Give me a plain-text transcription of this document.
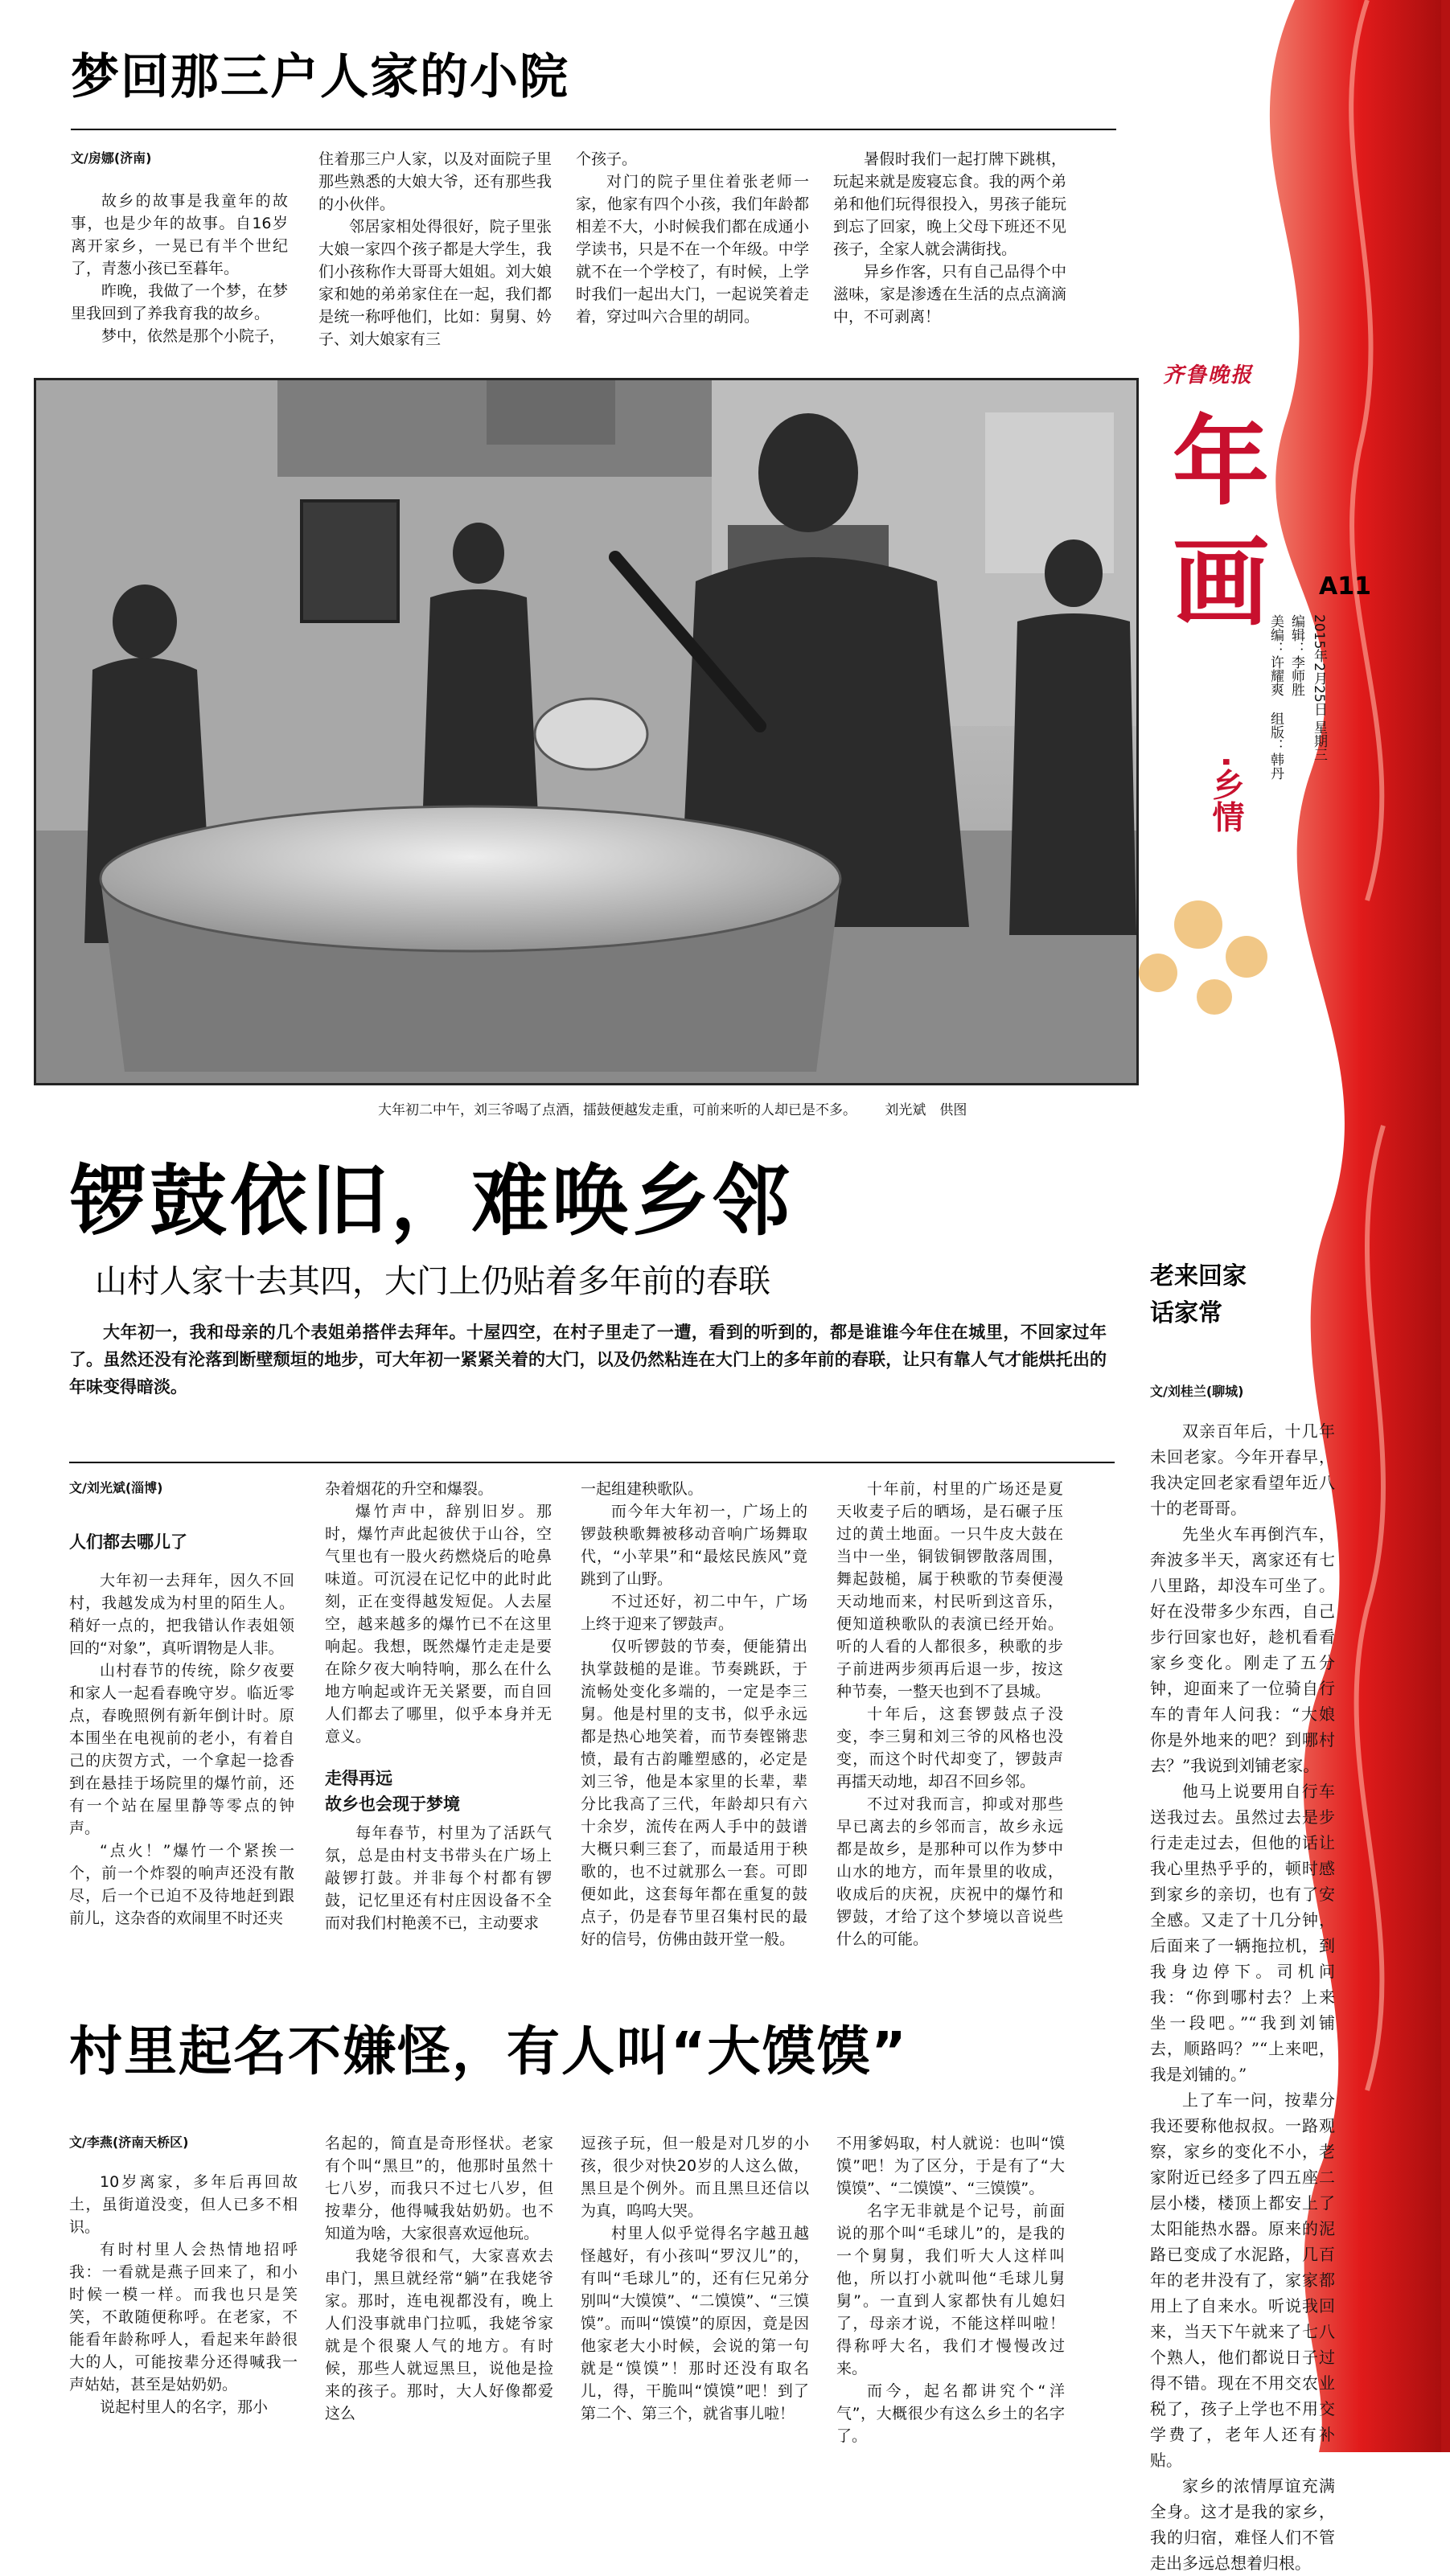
梦回那三户人家的小院
文/房娜(济南)

故乡的故事是我童年的故事，也是少年的故事。自16岁离开家乡，一晃已有半个世纪了，青葱小孩已至暮年。

昨晚，我做了一个梦，在梦里我回到了养我育我的故乡。

梦中，依然是那个小院子，

住着那三户人家，以及对面院子里那些熟悉的大娘大爷，还有那些我的小伙伴。

邻居家相处得很好，院子里张大娘一家四个孩子都是大学生，我们小孩称作大哥哥大姐姐。刘大娘家和她的弟弟家住在一起，我们都是统一称呼他们，比如：舅舅、妗子、刘大娘家有三

个孩子。

对门的院子里住着张老师一家，他家有四个小孩，我们年龄都相差不大，小时候我们都在成通小学读书，只是不在一个年级。中学就不在一个学校了，有时候，上学时我们一起出大门，一起说笑着走着，穿过叫六合里的胡同。

暑假时我们一起打牌下跳棋，玩起来就是废寝忘食。我的两个弟弟和他们玩得很投入，男孩子能玩到忘了回家，晚上父母下班还不见孩子，全家人就会满街找。

异乡作客，只有自己品得个中滋味，家是渗透在生活的点点滴滴中，不可剥离！

大年初二中午，刘三爷喝了点酒，擂鼓便越发走重，可前来听的人却已是不多。 刘光斌　供图
锣鼓依旧，难唤乡邻
山村人家十去其四，大门上仍贴着多年前的春联

大年初一，我和母亲的几个表姐弟搭伴去拜年。十屋四空，在村子里走了一遭，看到的听到的，都是谁谁今年住在城里，不回家过年了。虽然还没有沦落到断壁颓垣的地步，可大年初一紧紧关着的大门，以及仍然粘连在大门上的多年前的春联，让只有靠人气才能烘托出的年味变得暗淡。

文/刘光斌(淄博)

人们都去哪儿了

大年初一去拜年，因久不回村，我越发成为村里的陌生人。稍好一点的，把我错认作表姐领回的“对象”，真听谓物是人非。

山村春节的传统，除夕夜要和家人一起看春晚守岁。临近零点，春晚照例有新年倒计时。原本围坐在电视前的老小，有着自己的庆贺方式，一个拿起一捻香到在悬挂于场院里的爆竹前，还有一个站在屋里静等零点的钟声。

“点火！”爆竹一个紧挨一个，前一个炸裂的响声还没有散尽，后一个已迫不及待地赶到跟前儿，这杂沓的欢闹里不时还夹

杂着烟花的升空和爆裂。

爆竹声中，辞别旧岁。那时，爆竹声此起彼伏于山谷，空气里也有一股火药燃烧后的呛鼻味道。可沉浸在记忆中的此时此刻，正在变得越发短促。人去屋空，越来越多的爆竹已不在这里响起。我想，既然爆竹走走是要在除夕夜大响特响，那么在什么地方响起或许无关紧要，而自回人们都去了哪里，似乎本身并无意义。

走得再远
故乡也会现于梦境

每年春节，村里为了活跃气氛，总是由村支书带头在广场上敲锣打鼓。并非每个村都有锣鼓，记忆里还有村庄因设备不全而对我们村艳羡不已，主动要求

一起组建秧歌队。

而今年大年初一，广场上的锣鼓秧歌舞被移动音响广场舞取代，“小苹果”和“最炫民族风”竟跳到了山野。

不过还好，初二中午，广场上终于迎来了锣鼓声。

仅听锣鼓的节奏，便能猜出执掌鼓槌的是谁。节奏跳跃，于流畅处变化多端的，一定是李三舅。他是村里的支书，似乎永远都是热心地笑着，而节奏铿锵悲愤，最有古韵雕塑感的，必定是刘三爷，他是本家里的长辈，辈分比我高了三代，年龄却只有六十余岁，流传在两人手中的鼓谱大概只剩三套了，而最适用于秧歌的，也不过就那么一套。可即便如此，这套每年都在重复的鼓点子，仍是春节里召集村民的最好的信号，仿佛由鼓开堂一般。

十年前，村里的广场还是夏天收麦子后的晒场，是石碾子压过的黄土地面。一只牛皮大鼓在当中一坐，铜钹铜锣散落周围，舞起鼓槌，属于秧歌的节奏便漫天动地而来，村民听到这音乐，便知道秧歌队的表演已经开始。听的人看的人都很多，秧歌的步子前进两步须再后退一步，按这种节奏，一整天也到不了县城。

十年后，这套锣鼓点子没变，李三舅和刘三爷的风格也没变，而这个时代却变了，锣鼓声再擂天动地，却召不回乡邻。

不过对我而言，抑或对那些早已离去的乡邻而言，故乡永远都是故乡，是那种可以作为梦中山水的地方，而年景里的收成，收成后的庆祝，庆祝中的爆竹和锣鼓，才给了这个梦境以音说些什么的可能。

村里起名不嫌怪，有人叫“大馍馍”
文/李燕(济南天桥区)

10岁离家，多年后再回故土，虽街道没变，但人已多不相识。

有时村里人会热情地招呼我：一看就是燕子回来了，和小时候一模一样。而我也只是笑笑，不敢随便称呼。在老家，不能看年龄称呼人，看起来年龄很大的人，可能按辈分还得喊我一声姑姑，甚至是姑奶奶。

说起村里人的名字，那小

名起的，简直是奇形怪状。老家有个叫“黑旦”的，他那时虽然十七八岁，而我只不过七八岁，但按辈分，他得喊我姑奶奶。也不知道为啥，大家很喜欢逗他玩。

我姥爷很和气，大家喜欢去串门，黑旦就经常“躺”在我姥爷家。那时，连电视都没有，晚上人们没事就串门拉呱，我姥爷家就是个很聚人气的地方。有时候，那些人就逗黑旦，说他是捡来的孩子。那时，大人好像都爱这么

逗孩子玩，但一般是对几岁的小孩，很少对快20岁的人这么做，黑旦是个例外。而且黑旦还信以为真，呜呜大哭。

村里人似乎觉得名字越丑越怪越好，有小孩叫“罗汉儿”的，有叫“毛球儿”的，还有仨兄弟分别叫“大馍馍”、“二馍馍”、“三馍馍”。而叫“馍馍”的原因，竟是因他家老大小时候，会说的第一句就是“馍馍”！那时还没有取名儿，得，干脆叫“馍馍”吧！到了第二个、第三个，就省事儿啦！

不用爹妈取，村人就说：也叫“馍馍”吧！为了区分，于是有了“大馍馍”、“二馍馍”、“三馍馍”。

名字无非就是个记号，前面说的那个叫“毛球儿”的，是我的一个舅舅，我们听大人这样叫他，所以打小就叫他“毛球儿舅舅”。一直到人家都快有儿媳妇了，母亲才说，不能这样叫啦！得称呼大名，我们才慢慢改过来。

而今，起名都讲究个“洋气”，大概很少有这么乡土的名字了。

齐鲁晚报
年画
·乡情
A11
2015年2月25日 星期三
编辑：李师胜
美编：许耀爽 组版：韩丹
老来回家
话家常
文/刘桂兰(聊城)

双亲百年后，十几年未回老家。今年开春早，我决定回老家看望年近八十的老哥哥。

先坐火车再倒汽车，奔波多半天，离家还有七八里路，却没车可坐了。好在没带多少东西，自己步行回家也好，趁机看看家乡变化。刚走了五分钟，迎面来了一位骑自行车的青年人问我：“大娘你是外地来的吧？到哪村去？”我说到刘铺老家。

他马上说要用自行车送我过去。虽然过去是步行走走过去，但他的话让我心里热乎乎的，顿时感到家乡的亲切，也有了安全感。又走了十几分钟，后面来了一辆拖拉机，到我身边停下。司机问我：“你到哪村去？上来坐一段吧。”“我到刘铺去，顺路吗？”“上来吧，我是刘铺的。”

上了车一问，按辈分我还要称他叔叔。一路观察，家乡的变化不小，老家附近已经多了四五座二层小楼，楼顶上都安上了太阳能热水器。原来的泥路已变成了水泥路，几百年的老井没有了，家家都用上了自来水。听说我回来，当天下午就来了七八个熟人，他们都说日子过得不错。现在不用交农业税了，孩子上学也不用交学费了，老年人还有补贴。

家乡的浓情厚谊充满全身。这才是我的家乡，我的归宿，难怪人们不管走出多远总想着归根。
